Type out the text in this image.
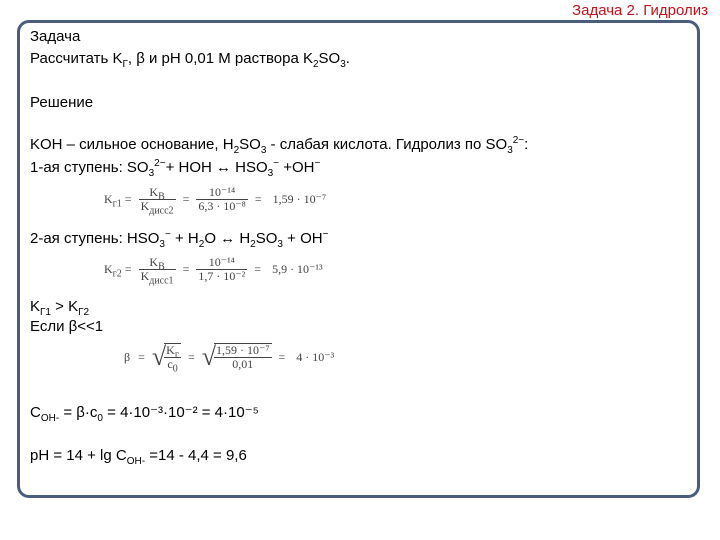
Задача 2. Гидролиз
Задача
Рассчитать $K_Г$, β и pH 0,01 М раствора $K_2SO_3$.
Решение
KOH – сильное основание, $H_2SO_3$ - слабая кислота. Гидролиз по $SO_3^{2-}$:
1-ая ступень: $SO_3^{2-}+$ HOH ↔ $HSO_3^- +OH^-$
$K_{г1} = \frac{K_B}{K_{дисс2}} = \frac{\text{10⁻¹⁴}}{\text{6,3 · 10⁻⁸}} = 1,59 \cdot 10^{-7}$
2-ая ступень: $HSO_3^- + H_2O$ ↔ $H_2SO_3 + OH^-$
$K_{г2} = \frac{K_B}{K_{дисс1}} = \frac{\text{10⁻¹⁴}}{\text{1,7 · 10⁻²}} = 5,9 \cdot 10^{-13}$
$K_{Г1} > K_{Г2}$
Если β<<1
β = √
$\frac{K_г}{c_0}$ = √
$\frac{\text{1,59 · 10⁻⁷}}{0,01} = 4 \cdot 10^{-3}$
$C_{OH-} = \beta\cdot c_0 = 4\cdot 10^{-3}\cdot 10^{-2} = 4\cdot 10^{-5}$
pH = $14 + \lg C_{OH-} =14 - 4,4 = 9,6$
